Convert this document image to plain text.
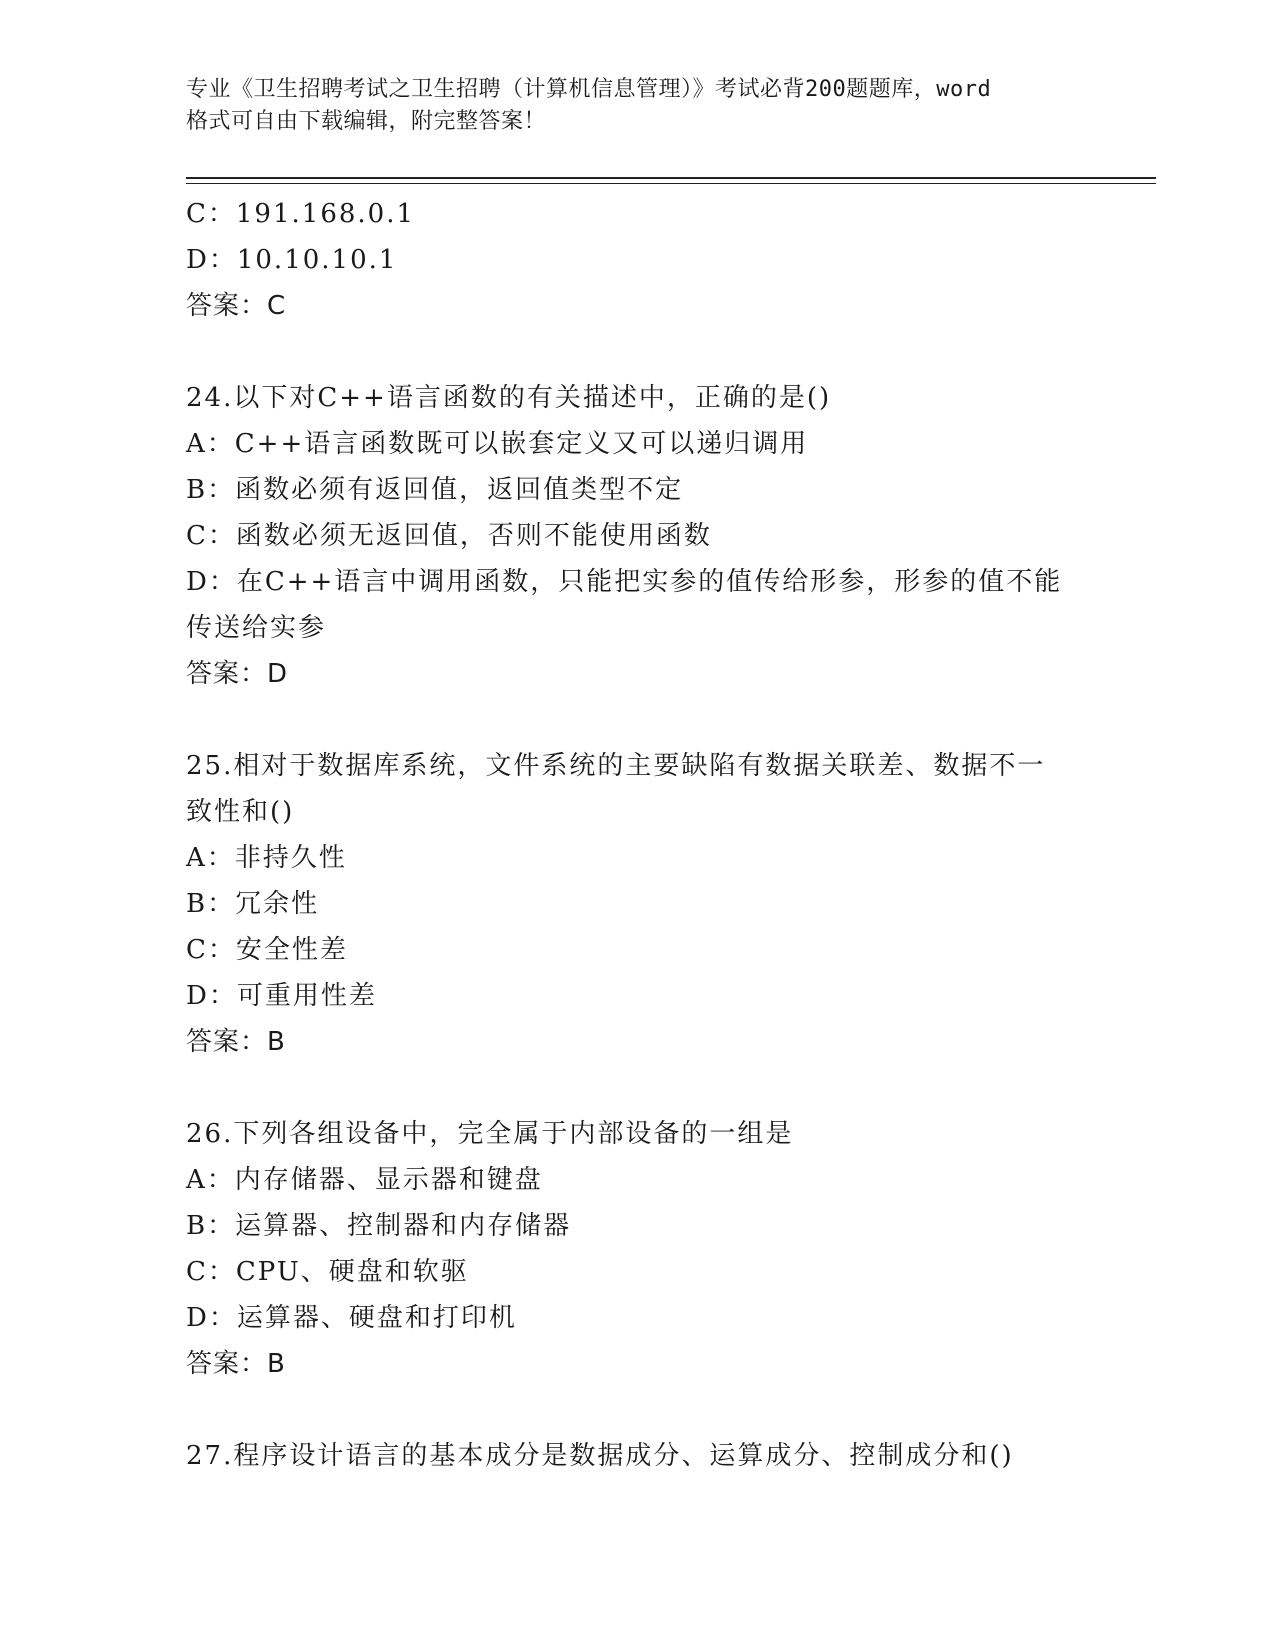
专业《卫生招聘考试之卫生招聘（计算机信息管理）》考试必背200题题库，word
格式可自由下载编辑，附完整答案！
C：191.168.0.1
D：10.10.10.1
答案：C
24.以下对C++语言函数的有关描述中，正确的是()
A：C++语言函数既可以嵌套定义又可以递归调用
B：函数必须有返回值，返回值类型不定
C：函数必须无返回值，否则不能使用函数
D：在C++语言中调用函数，只能把实参的值传给形参，形参的值不能
传送给实参
答案：D
25.相对于数据库系统，文件系统的主要缺陷有数据关联差、数据不一
致性和()
A：非持久性
B：冗余性
C：安全性差
D：可重用性差
答案：B
26.下列各组设备中，完全属于内部设备的一组是
A：内存储器、显示器和键盘
B：运算器、控制器和内存储器
C：CPU、硬盘和软驱
D：运算器、硬盘和打印机
答案：B
27.程序设计语言的基本成分是数据成分、运算成分、控制成分和()
